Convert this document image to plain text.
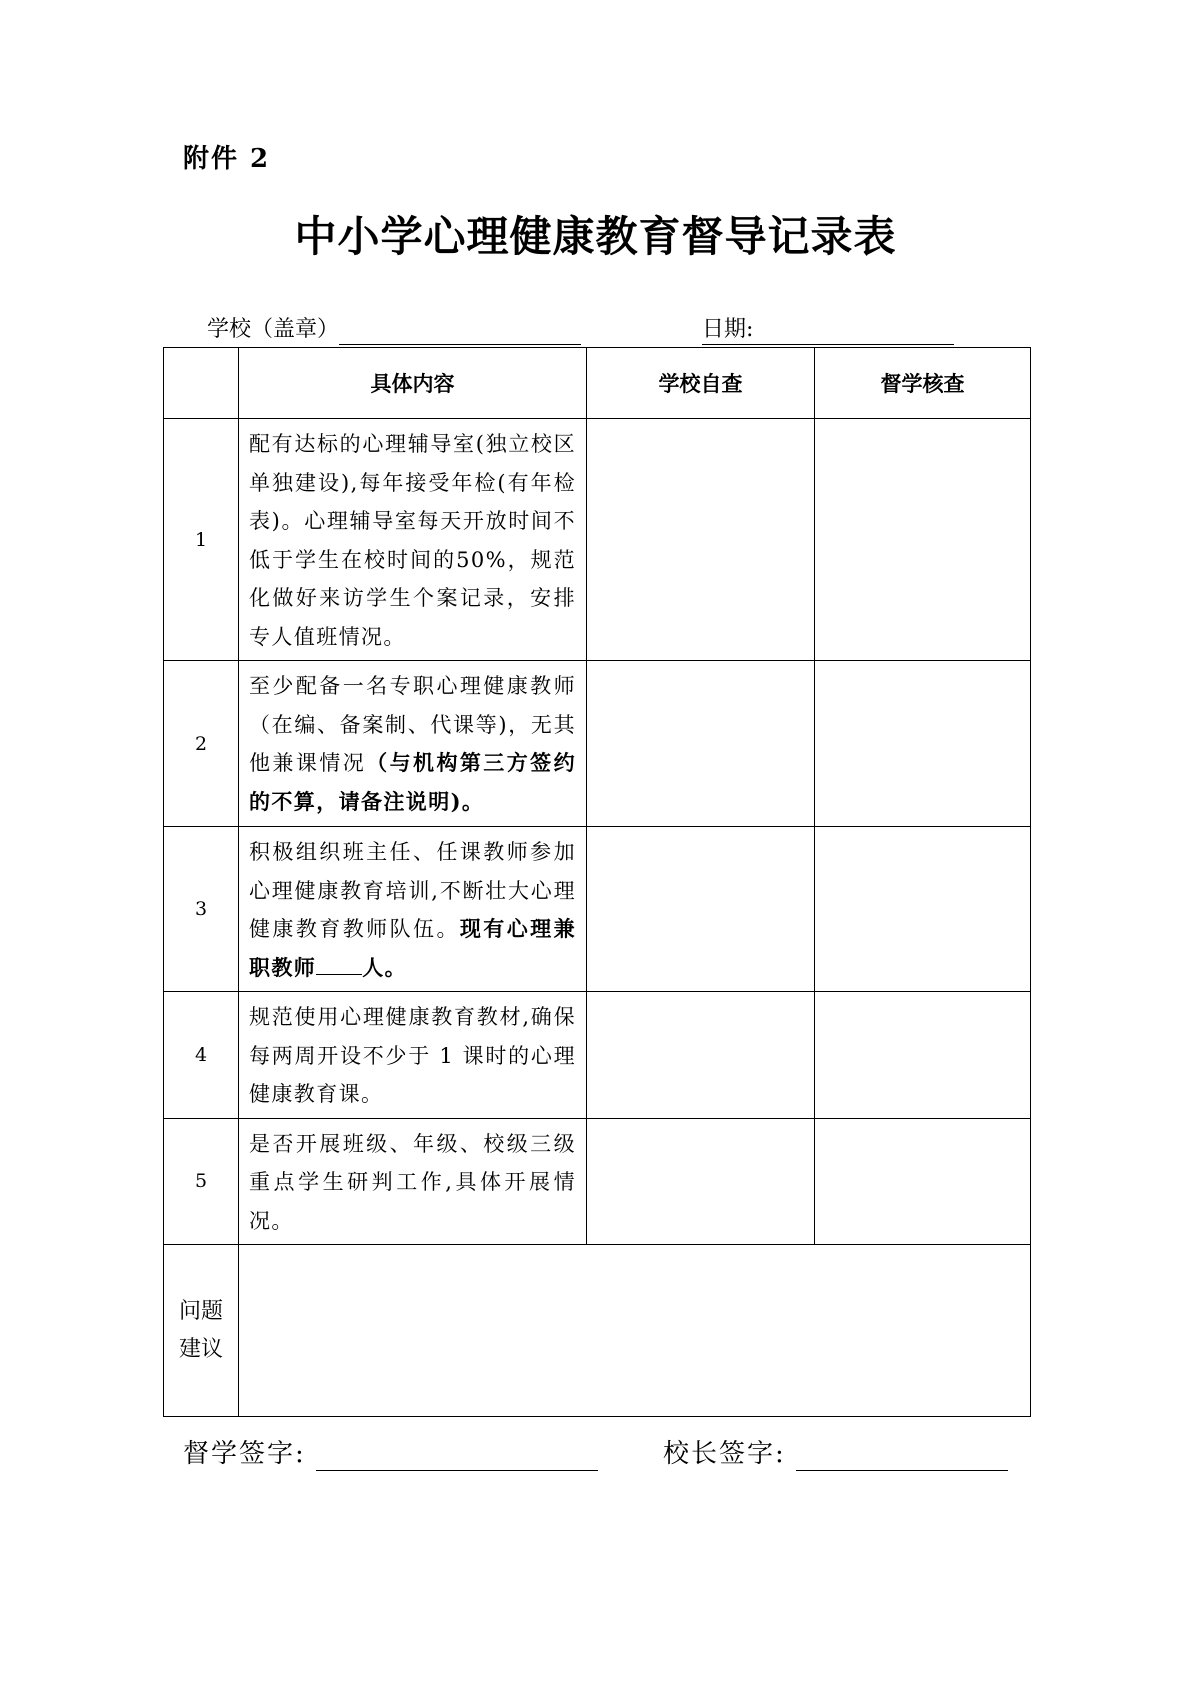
附件 2
中小学心理健康教育督导记录表
学校（盖章）	日期:
	具体内容	学校自查	督学核查
1	配有达标的心理辅导室(独立校区单独建设),每年接受年检(有年检表)。心理辅导室每天开放时间不低于学生在校时间的50%，规范化做好来访学生个案记录，安排专人值班情况。		
2	至少配备一名专职心理健康教师（在编、备案制、代课等)，无其他兼课情况（与机构第三方签约的不算，请备注说明)。		
3	积极组织班主任、任课教师参加心理健康教育培训,不断壮大心理健康教育教师队伍。现有心理兼职教师 人。		
4	规范使用心理健康教育教材,确保每两周开设不少于 1 课时的心理健康教育课。		
5	是否开展班级、年级、校级三级重点学生研判工作,具体开展情况。		
问题
建议			
督学签字:	校长签字:
